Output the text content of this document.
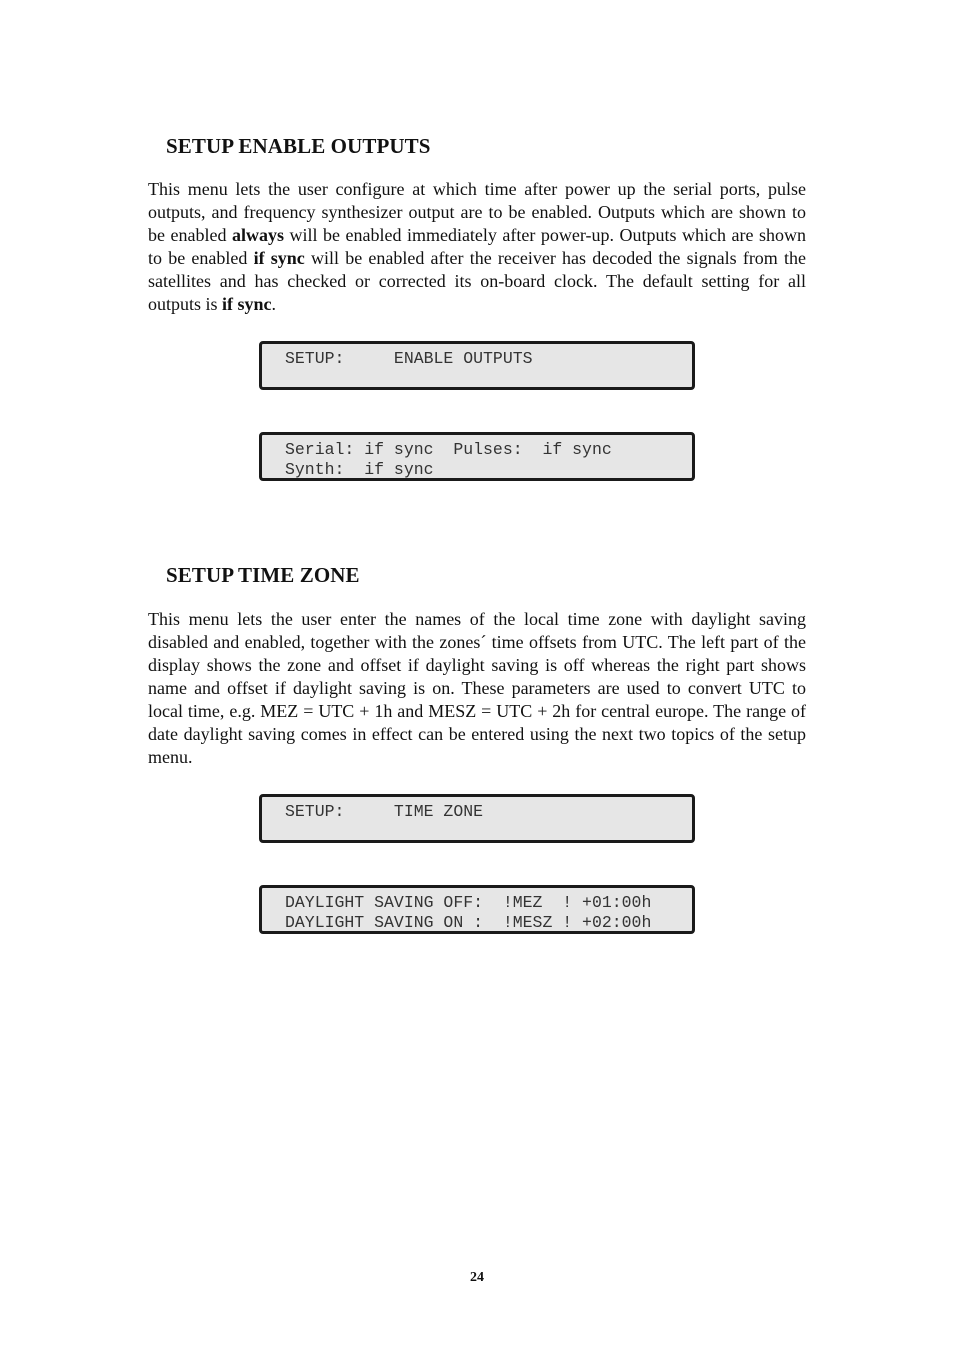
SETUP ENABLE OUTPUTS

This menu lets the user configure at which time after power up the serial ports, pulse outputs, and frequency synthesizer output are to be enabled. Outputs which are shown to be enabled always will be enabled immediately after power-up. Outputs which are shown to be enabled if sync will be enabled after the receiver has decoded the signals from the satellites and has checked or corrected its on-board clock. The default setting for all outputs is if sync.

SETUP:     ENABLE OUTPUTS
Serial: if sync  Pulses:  if sync
Synth:  if sync
SETUP TIME ZONE

This menu lets the user enter the names of the local time zone with daylight saving disabled and enabled, together with the zones´ time offsets from UTC. The left part of the display shows the zone and offset if daylight saving is off whereas the right part shows name and offset if daylight saving is on. These parameters are used to convert UTC to local time, e.g. MEZ = UTC + 1h and MESZ = UTC + 2h for central europe. The range of date daylight saving comes in effect can be entered using the next two topics of the setup menu.

SETUP:     TIME ZONE
DAYLIGHT SAVING OFF:  !MEZ  ! +01:00h
DAYLIGHT SAVING ON :  !MESZ ! +02:00h
24
